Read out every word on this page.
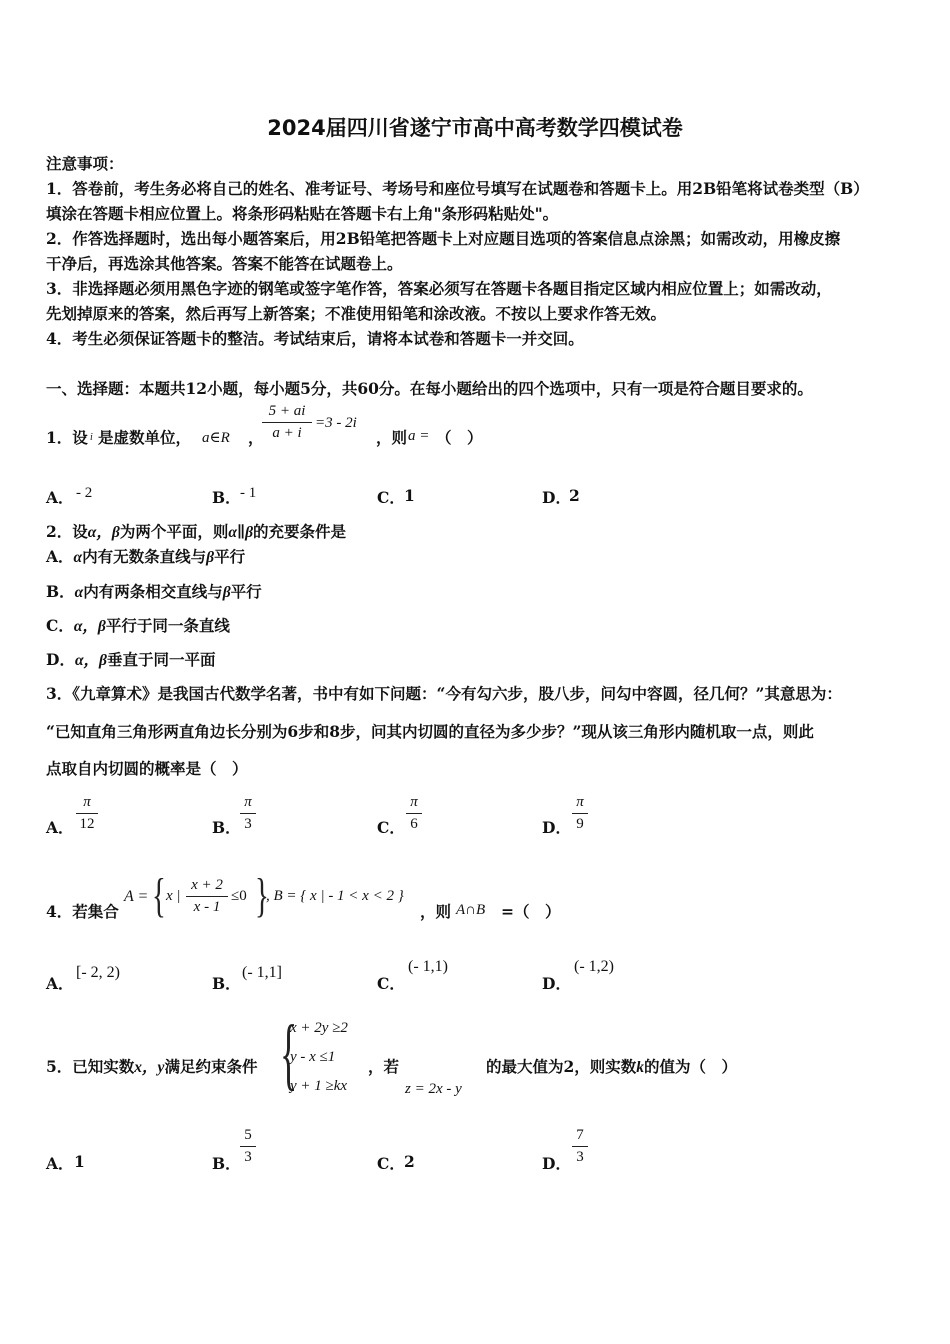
2024届四川省遂宁市高中高考数学四模试卷
注意事项：
1．答卷前，考生务必将自己的姓名、准考证号、考场号和座位号填写在试题卷和答题卡上。用2B铅笔将试卷类型（B）
填涂在答题卡相应位置上。将条形码粘贴在答题卡右上角"条形码粘贴处"。
2．作答选择题时，选出每小题答案后，用2B铅笔把答题卡上对应题目选项的答案信息点涂黑；如需改动，用橡皮擦
干净后，再选涂其他答案。答案不能答在试题卷上。
3．非选择题必须用黑色字迹的钢笔或签字笔作答，答案必须写在答题卡各题目指定区域内相应位置上；如需改动，
先划掉原来的答案，然后再写上新答案；不准使用铅笔和涂改液。不按以上要求作答无效。
4．考生必须保证答题卡的整洁。考试结束后，请将本试卷和答题卡一并交回。
一、选择题：本题共12小题，每小题5分，共60分。在每小题给出的四个选项中，只有一项是符合题目要求的。
1．设 i 是虚数单位， a∈R ，
5 + ai
a + i
=3 - 2i
，则 a = （　）
A． - 2	B． - 1	C． 1	D．
2
2．设α，β为两个平面，则α∥β的充要条件是
A．α内有无数条直线与β平行
B．α内有两条相交直线与β平行
C．α，β平行于同一条直线
D．α，β垂直于同一平面
3．《九章算术》是我国古代数学名著，书中有如下问题：“今有勾六步，股八步，问勾中容圆，径几何？”其意思为：
“已知直角三角形两直角边长分别为6步和8步，问其内切圆的直径为多少步？”现从该三角形内随机取一点，则此
点取自内切圆的概率是（　）
A．
π
12	B．
π
3	C．
π
6	D．
π
9
4．若集合
A = { x |
x + 2
x - 1
≤0 }
, B = { x | - 1 < x < 2 }
，则 A∩B =（　）
A．
[- 2, 2)
B．
(- 1,1]
C．
(- 1,1)
D．
(- 1,2)
5．已知实数x，y满足约束条件 {
x + 2y ≥2
y - x ≤1
y + 1 ≥kx
，若
z = 2x - y
的最大值为2，则实数k的值为（　）
A． 1	B．
5
3	C． 2	D．
7
3
